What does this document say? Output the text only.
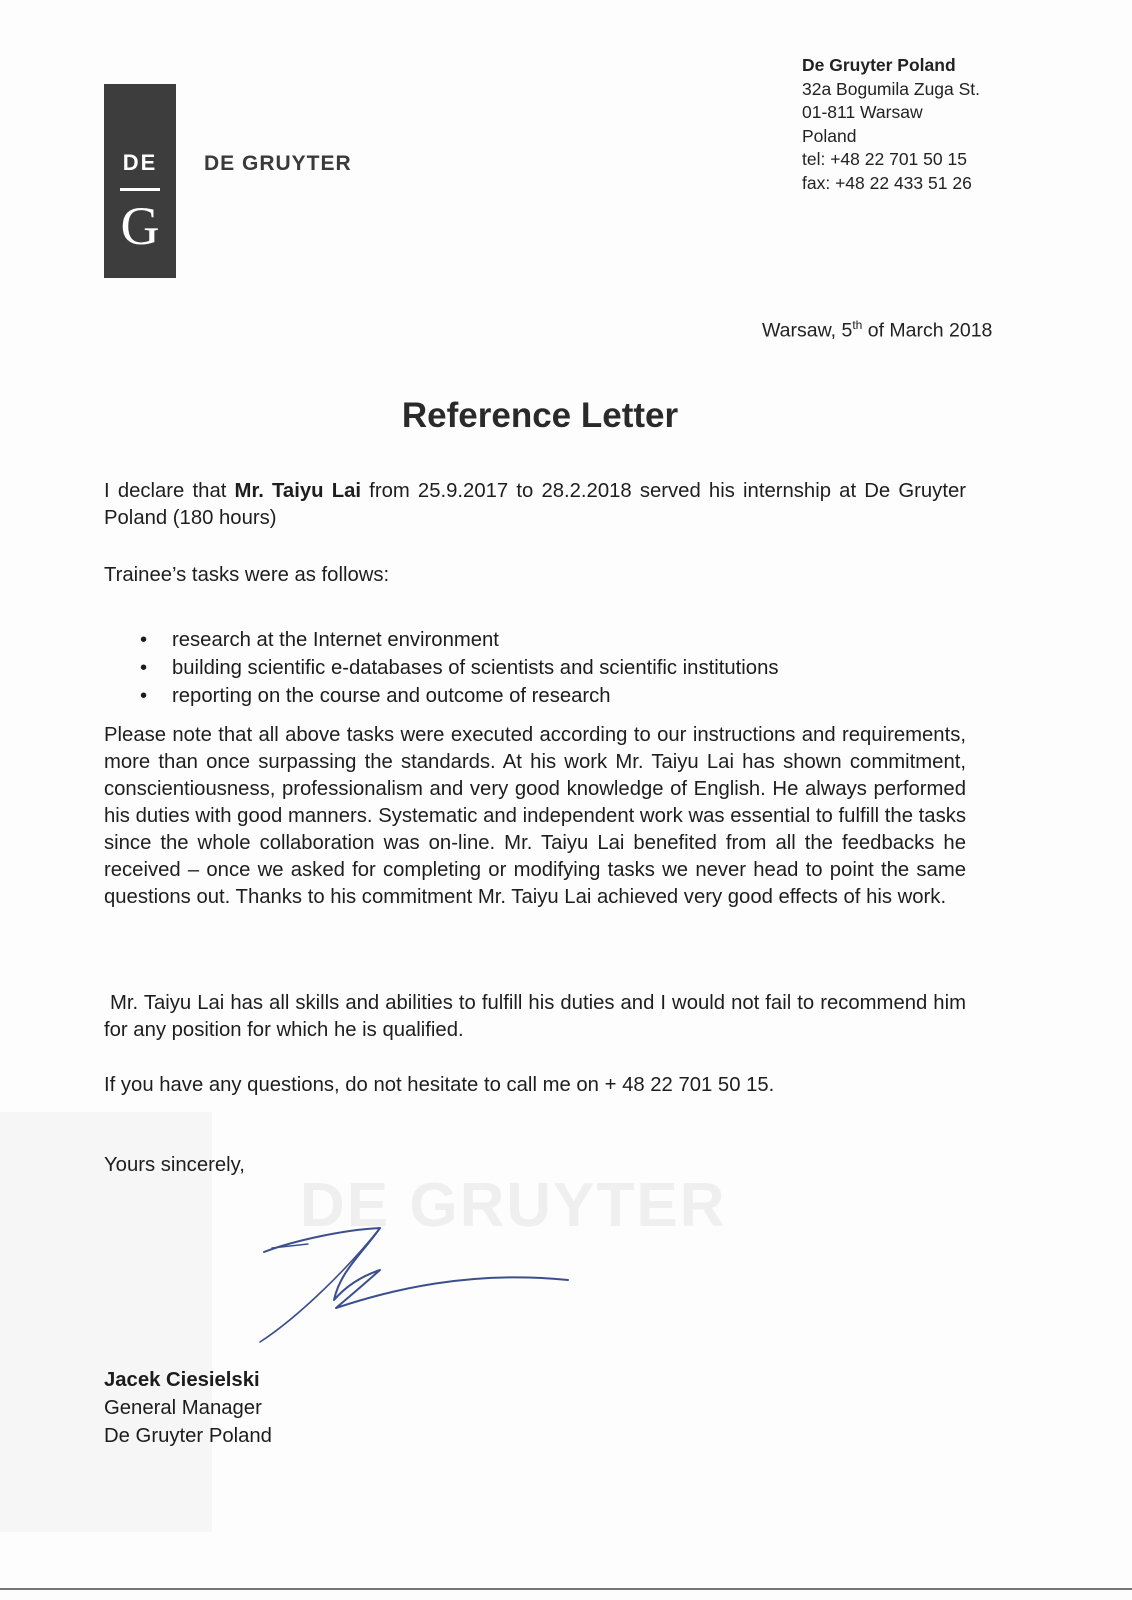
DE GRUYTER
DE
G
DE GRUYTER
De Gruyter Poland
32a Bogumila Zuga St.
01-811 Warsaw
Poland
tel: +48 22 701 50 15
fax: +48 22 433 51 26
Warsaw, 5th of March 2018
Reference Letter
I declare that Mr. Taiyu Lai from 25.9.2017 to 28.2.2018 served his internship at De Gruyter Poland (180 hours)
Trainee’s tasks were as follows:
• research at the Internet environment
• building scientific e-databases of scientists and scientific institutions
• reporting on the course and outcome of research
Please note that all above tasks were executed according to our instructions and requirements, more than once surpassing the standards. At his work Mr. Taiyu Lai has shown commitment, conscientiousness, professionalism and very good knowledge of English. He always performed his duties with good manners. Systematic and independent work was essential to fulfill the tasks since the whole collaboration was on-line. Mr. Taiyu Lai benefited from all the feedbacks he received – once we asked for completing or modifying tasks we never head to point the same questions out. Thanks to his commitment Mr. Taiyu Lai achieved very good effects of his work.
Mr. Taiyu Lai has all skills and abilities to fulfill his duties and I would not fail to recommend him for any position for which he is qualified.
If you have any questions, do not hesitate to call me on + 48 22 701 50 15.
Yours sincerely,
Jacek Ciesielski
General Manager
De Gruyter Poland
